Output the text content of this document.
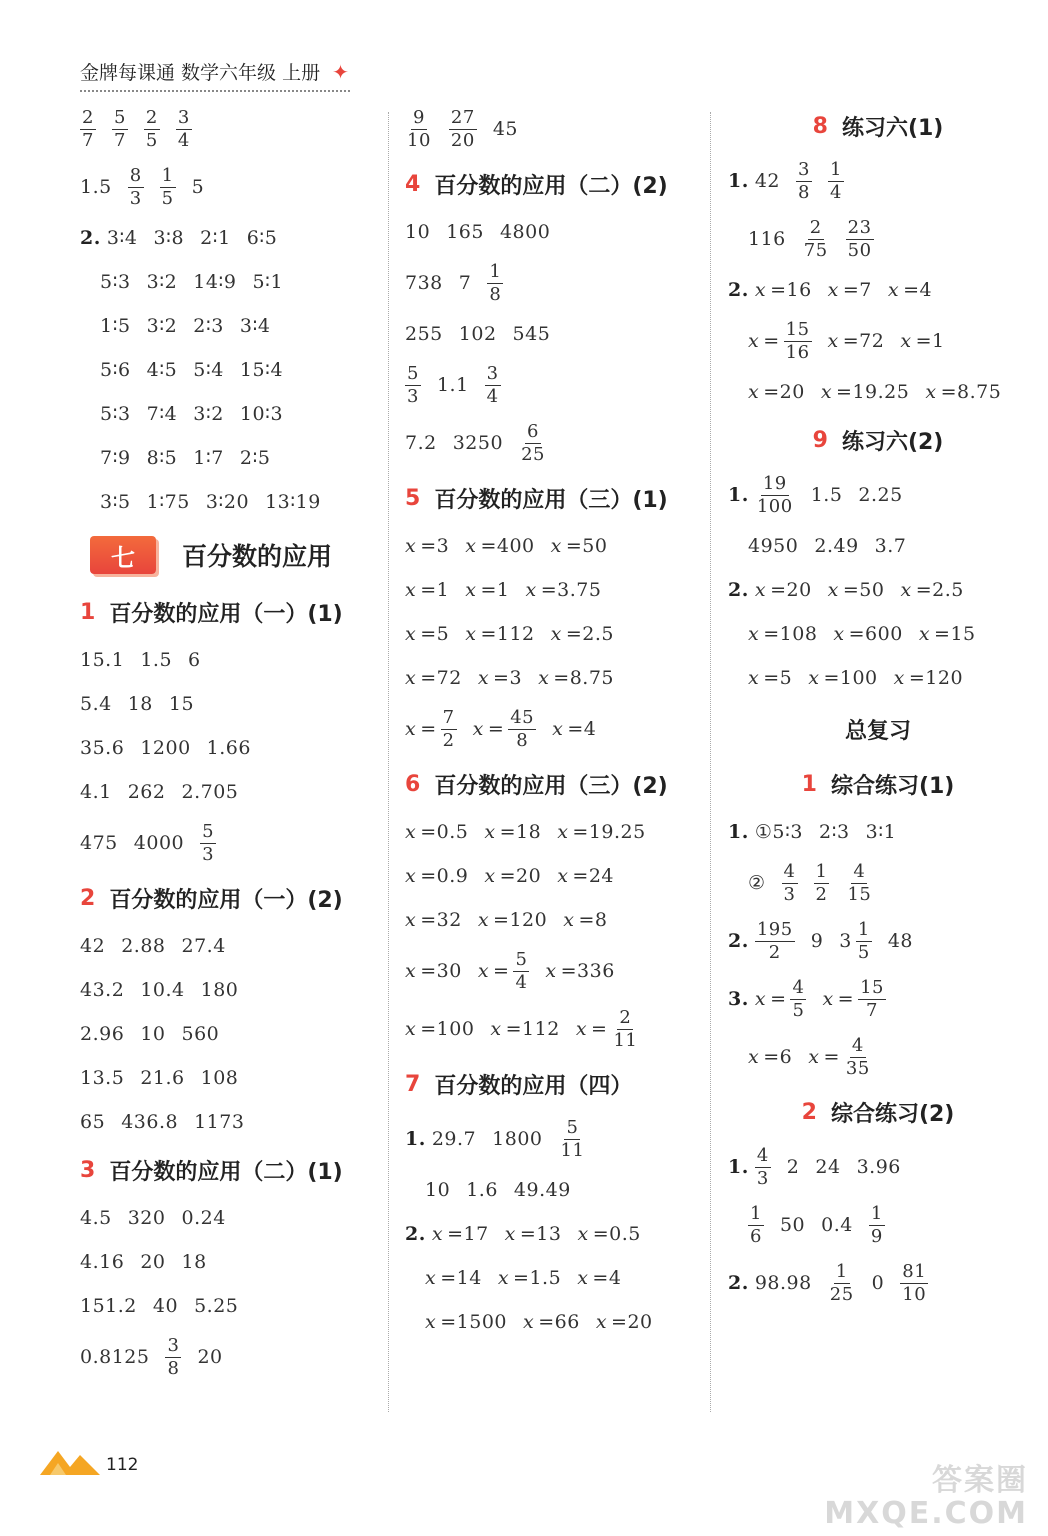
金牌每课通 数学六年级 上册 ✦
$\frac{2}{7} \frac{5}{7} \frac{2}{5} \frac{3}{4}$
$1.5 \frac{8}{3} \frac{1}{5} 5$
2. 3∶4 3∶8 2∶1 6∶5
5∶3 3∶2 14∶9 5∶1
1∶5 3∶2 2∶3 3∶4
5∶6 4∶5 5∶4 15∶4
5∶3 7∶4 3∶2 10∶3
7∶9 8∶5 1∶7 2∶5
3∶5 1∶75 3∶20 13∶19
七	百分数的应用
1 百分数的应用（一）(1)
15.1 1.5 6
5.4 18 15
35.6 1200 1.66
4.1 262 2.705
475 $4000 \frac{5}{3}$
2 百分数的应用（一）(2)
42 2.88 27.4
43.2 10.4 180
2.96 10 560
13.5 21.6 108
65 436.8 1173
3 百分数的应用（二）(1)
4.5 320 0.24
4.16 20 18
151.2 40 5.25
$0.8125 \frac{3}{8} 20$
$\frac{9}{10} \frac{27}{20} 45$
4 百分数的应用（二）(2)
10 165 4800
738 $7 \frac{1}{8}$
255 102 545
$\frac{5}{3} 1.1 \frac{3}{4}$
7.2 $3250 \frac{6}{25}$
5 百分数的应用（三）(1)
x =3 x =400 x =50
x =1 x =1 x =3.75
x =5 x =112 x =2.5
x =72 x =3 x =8.75
$x = \frac{7}{2}$ $x = \frac{45}{8}$ x =4
6 百分数的应用（三）(2)
x =0.5 x =18 x =19.25
x =0.9 x =20 x =24
x =32 x =120 x =8
x =30 $x = \frac{5}{4}$ x =336
x =100 x =112 $x = \frac{2}{11}$
7 百分数的应用（四）
1. 29.7 $1800 \frac{5}{11}$
10 1.6 49.49
2. x =17 x =13 x =0.5
x =14 x =1.5 x =4
x =1500 x =66 x =20
8 练习六(1)
1. $42 \frac{3}{8} \frac{1}{4}$
$116 \frac{2}{75} \frac{23}{50}$
2. x =16 x =7 x =4
$x = \frac{15}{16}$ x =72 x =1
x =20 x =19.25 x =8.75
9 练习六(2)
1. $\frac{19}{100} 1.5$ 2.25
4950 2.49 3.7
2. x =20 x =50 x =2.5
x =108 x =600 x =15
x =5 x =100 x =120
总复习
1 综合练习(1)
1. ①5∶3 2∶3 3∶1
② $\frac{4}{3} \frac{1}{2} \frac{4}{15}$
2. $\frac{195}{2} 9$ $3 \frac{1}{5} 48$
3. $x = \frac{4}{5}$ $x = \frac{15}{7}$
x =6 $x = \frac{4}{35}$
2 综合练习(2)
1. $\frac{4}{3} 2$ 24 3.96
$\frac{1}{6} 50$ $0.4 \frac{1}{9}$
2. $98.98 \frac{1}{25} 0 \frac{81}{10}$
112	答案圈
MXQE.COM
